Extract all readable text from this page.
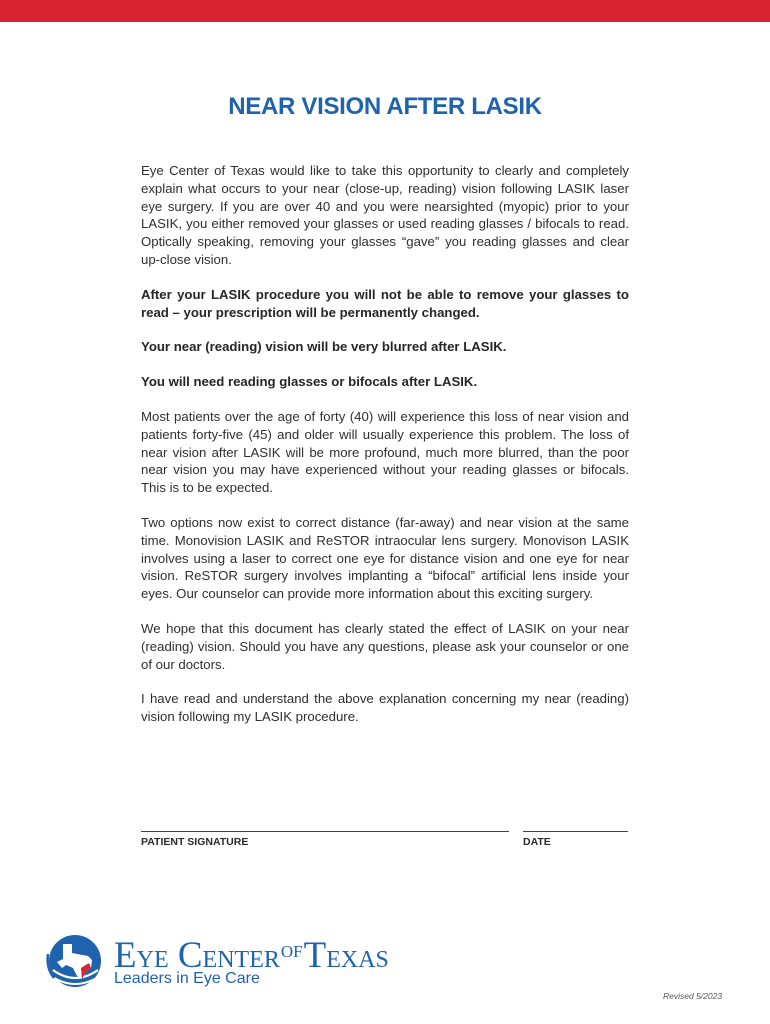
NEAR VISION AFTER LASIK

Eye Center of Texas would like to take this opportunity to clearly and completely explain what occurs to your near (close-up, reading) vision following LASIK laser eye surgery. If you are over 40 and you were nearsighted (myopic) prior to your LASIK, you either removed your glasses or used reading glasses / bifocals to read. Optically speaking, removing your glasses “gave” you reading glasses and clear up-close vision.

After your LASIK procedure you will not be able to remove your glasses to read – your prescription will be permanently changed.

Your near (reading) vision will be very blurred after LASIK.

You will need reading glasses or bifocals after LASIK.

Most patients over the age of forty (40) will experience this loss of near vision and patients forty-five (45) and older will usually experience this problem. The loss of near vision after LASIK will be more profound, much more blurred, than the poor near vision you may have experienced without your reading glasses or bifocals. This is to be expected.

Two options now exist to correct distance (far-away) and near vision at the same time. Monovision LASIK and ReSTOR intraocular lens surgery. Monovison LASIK involves using a laser to correct one eye for distance vision and one eye for near vision. ReSTOR surgery involves implanting a “bifocal” artificial lens inside your eyes. Our counselor can provide more information about this exciting surgery.

We hope that this document has clearly stated the effect of LASIK on your near (reading) vision. Should you have any questions, please ask your counselor or one of our doctors.

I have read and understand the above explanation concerning my near (reading) vision following my LASIK procedure.

PATIENT SIGNATURE	DATE
EYE $CENTER^{OF}TEXAS$
Leaders in Eye Care
Revised 5/2023
